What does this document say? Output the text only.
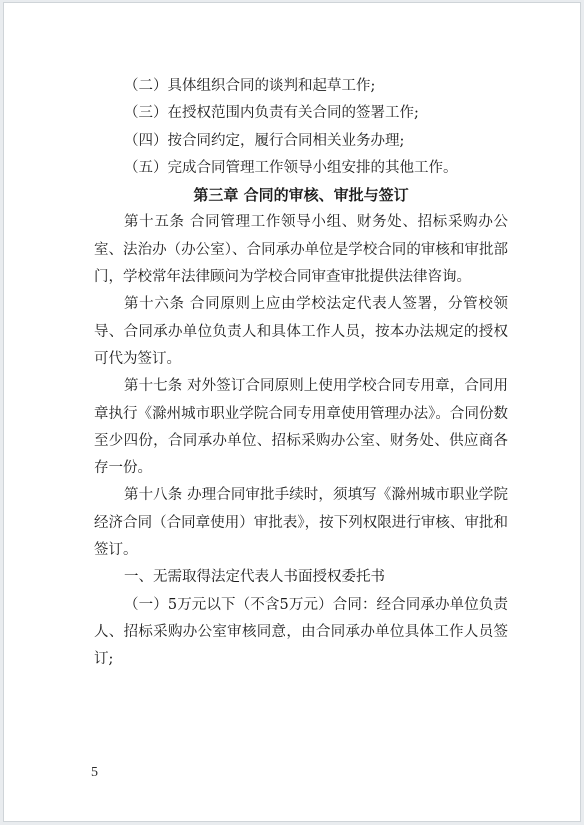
（二）具体组织合同的谈判和起草工作;
（三）在授权范围内负责有关合同的签署工作;
（四）按合同约定，履行合同相关业务办理;
（五）完成合同管理工作领导小组安排的其他工作。
第三章 合同的审核、审批与签订

第十五条 合同管理工作领导小组、财务处、招标采购办公室、法治办（办公室）、合同承办单位是学校合同的审核和审批部门，学校常年法律顾问为学校合同审查审批提供法律咨询。

第十六条 合同原则上应由学校法定代表人签署，分管校领导、合同承办单位负责人和具体工作人员，按本办法规定的授权可代为签订。

第十七条 对外签订合同原则上使用学校合同专用章，合同用章执行《滁州城市职业学院合同专用章使用管理办法》。合同份数至少四份，合同承办单位、招标采购办公室、财务处、供应商各存一份。

第十八条 办理合同审批手续时，须填写《滁州城市职业学院经济合同（合同章使用）审批表》，按下列权限进行审核、审批和签订。

一、无需取得法定代表人书面授权委托书

（一）5万元以下（不含5万元）合同：经合同承办单位负责人、招标采购办公室审核同意，由合同承办单位具体工作人员签订;

5
